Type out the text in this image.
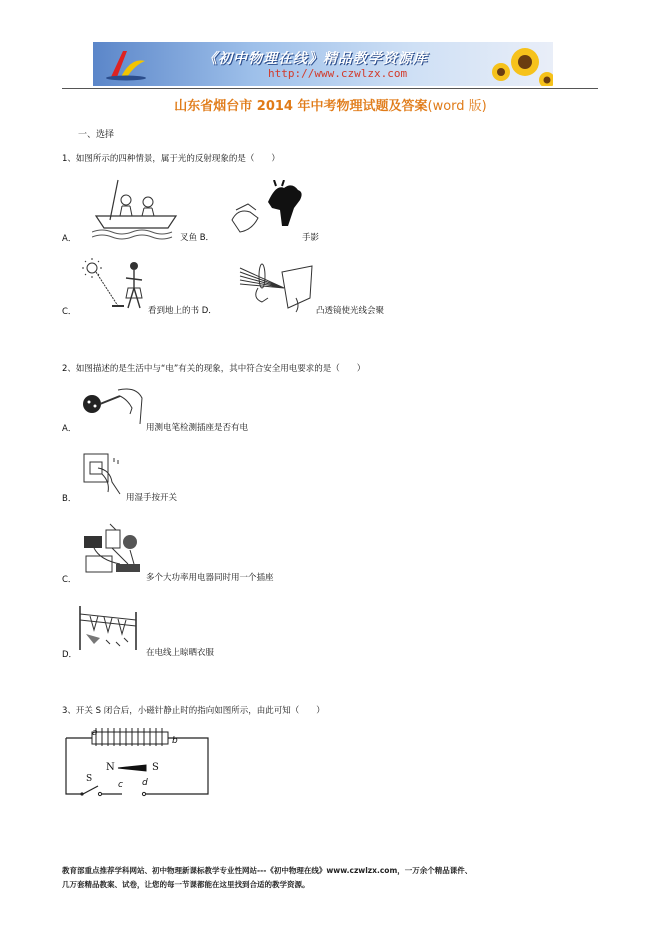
《初中物理在线》精品教学资源库
http://www.czwlzx.com
山东省烟台市 2014 年中考物理试题及答案(word 版)
一、选择
1、如图所示的四种情景，属于光的反射现象的是（　　）
A．	叉鱼 B．	手影
C．	看到地上的书 D．	凸透镜使光线会聚
2、如图描述的是生活中与“电”有关的现象，其中符合安全用电要求的是（　　）
A．	用测电笔检测插座是否有电
B．	用湿手按开关
C．	多个大功率用电器同时用一个插座
D．	在电线上晾晒衣服
3、开关 S 闭合后，小磁针静止时的指向如图所示，由此可知（　　）
a
b
N	S
S
c d
教育部重点推荐学科网站、初中物理新课标教学专业性网站---《初中物理在线》www.czwlzx.com，一万余个精品课件、
几万套精品教案、试卷，让您的每一节课都能在这里找到合适的教学资源。
